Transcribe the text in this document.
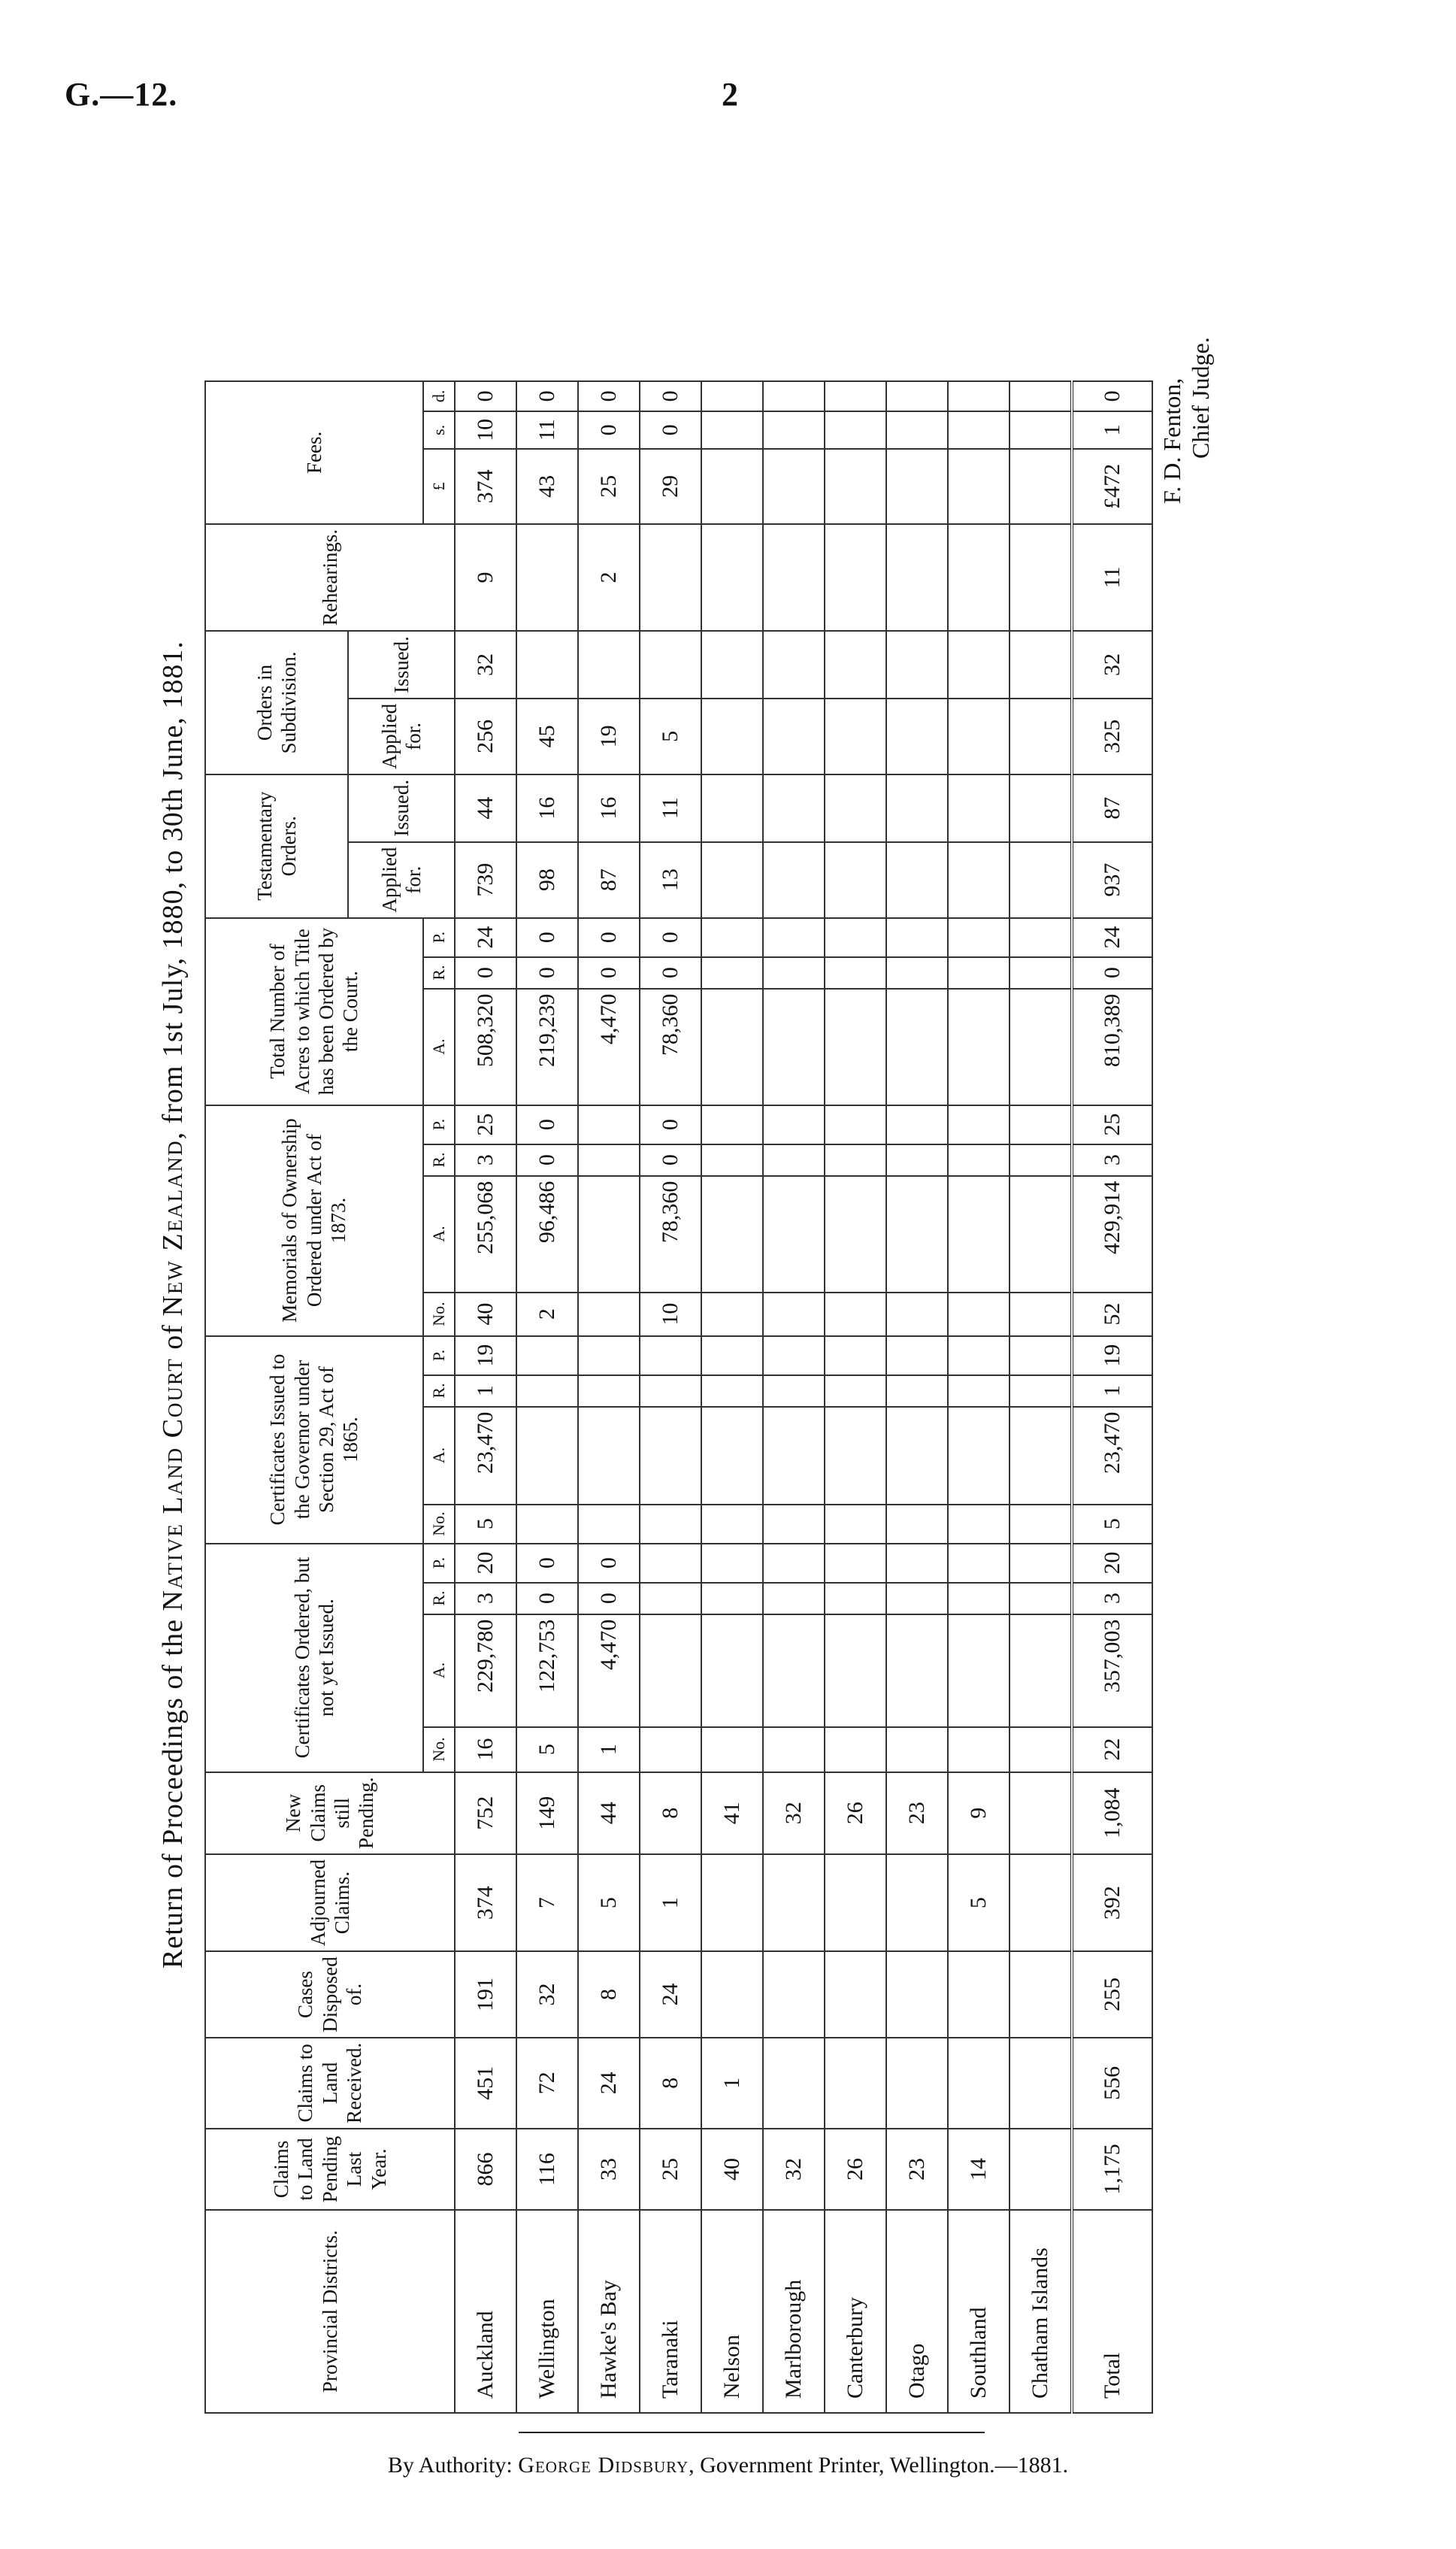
G.—12.	2
Return of Proceedings of the Native Land Court of New Zealand, from 1st July, 1880, to 30th June, 1881.
Provincial Districts.	Claims to Land Pending Last Year.	Claims to Land Received.	Cases Disposed of.	Adjourned Claims.	New Claims still Pending.	Certificates Ordered, but not yet Issued.				Certificates Issued to the Governor under Section 29, Act of 1865.				Memorials of Ownership Ordered under Act of 1873.				Total Number of Acres to which Title has been Ordered by the Court.			Testamentary Orders.		Orders in Subdivision.		Rehearings.	Fees.		
																					Applied for.	Issued.	Applied for.	Issued.				
						No.	A.	R.	P.	No.	A.	R.	P.	No.	A.	R.	P.	A.	R.	P.						£	s.	d.
Auckland	866	451	191	374	752	16	229,780	3	20	5	23,470	1	19	40	255,068	3	25	508,320	0	24	739	44	256	32	9	374	10	0
Wellington	116	72	32	7	149	5	122,753	0	0					2	96,486	0	0	219,239	0	0	98	16	45			43	11	0
Hawke's Bay	33	24	8	5	44	1	4,470	0	0									4,470	0	0	87	16	19		2	25	0	0
Taranaki	25	8	24	1	8									10	78,360	0	0	78,360	0	0	13	11	5			29	0	0
Nelson	40	1			41																							
Marlborough	32				32																							
Canterbury	26				26																							
Otago	23				23																							
Southland	14			5	9																							
Chatham Islands																												
Total	1,175	556	255	392	1,084	22	357,003	3	20	5	23,470	1	19	52	429,914	3	25	810,389	0	24	937	87	325	32	11	£472	1	0 F. D. Fenton, Chief Judge.
By Authority: George Didsbury, Government Printer, Wellington.—1881.
